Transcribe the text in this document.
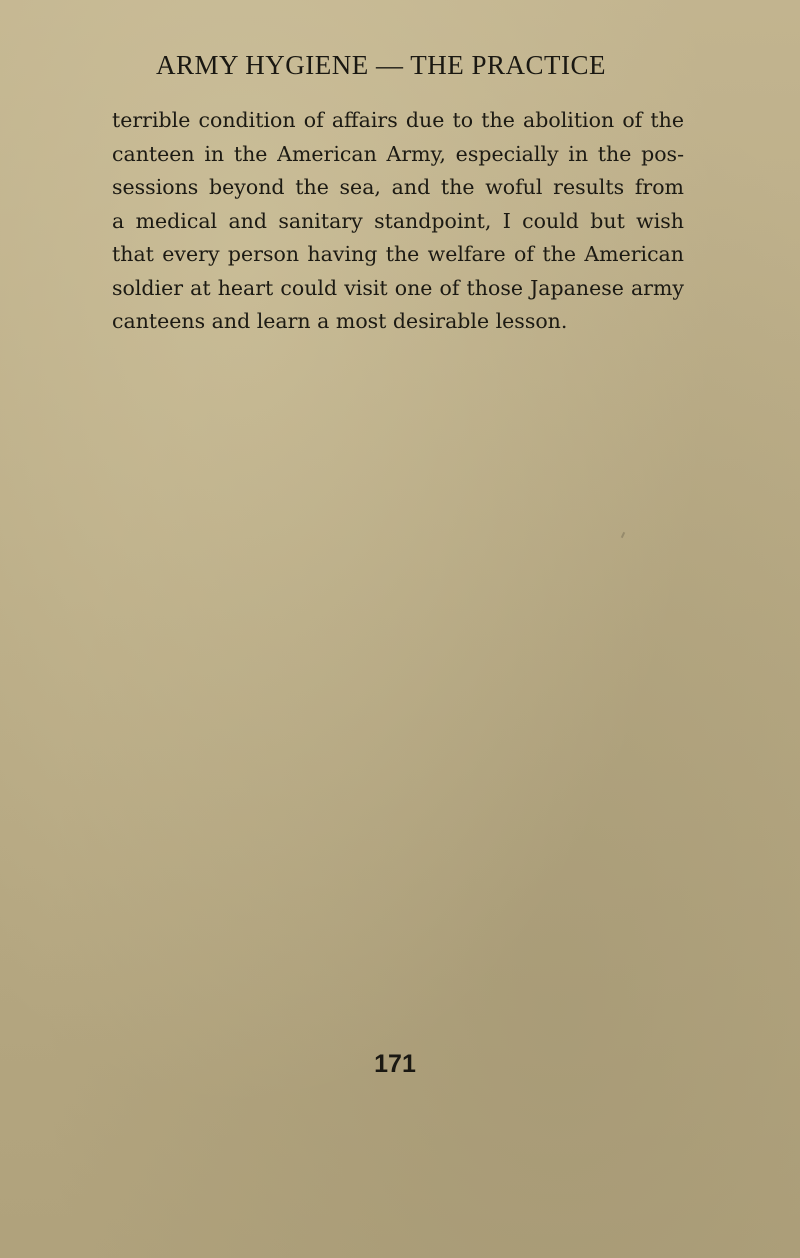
ARMY HYGIENE — THE PRACTICE
terrible condition of affairs due to the abolition of the
canteen in the American Army, especially in the pos-
sessions beyond the sea, and the woful results from
a medical and sanitary standpoint, I could but wish
that every person having the welfare of the American
soldier at heart could visit one of those Japanese army
canteens and learn a most desirable lesson.
171
